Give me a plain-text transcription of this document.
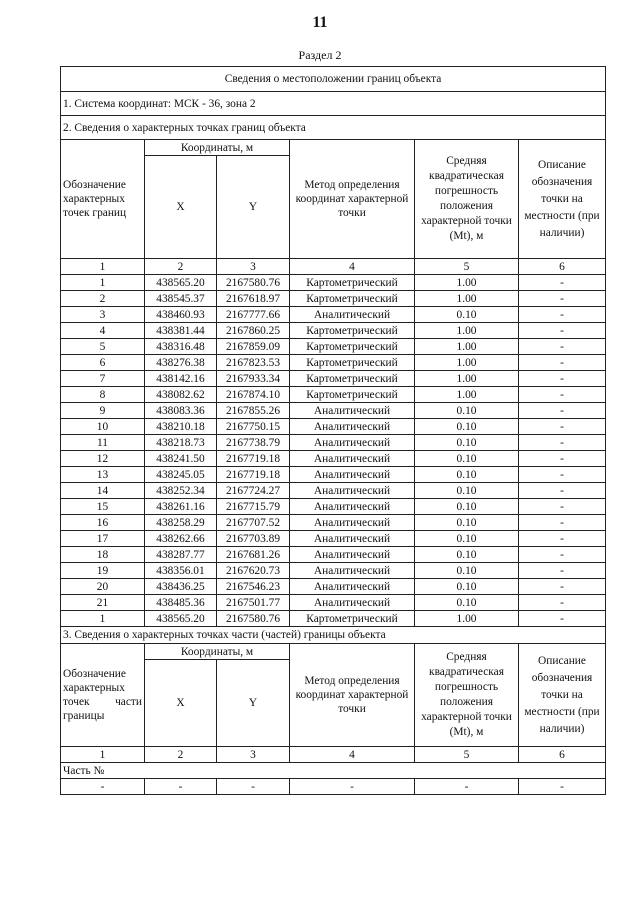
11
Раздел 2
Сведения о местоположении границ объекта					
1. Система координат: МСК - 36, зона 2					
2. Сведения о характерных точках границ объекта					
Обозначение характерных точек границ	Координаты, м		Метод определения координат характерной точки	Средняя квадратическая погрешность положения характерной точки (Mt), м	Описание обозначения точки на местности (при наличии)
	X	Y			
1	2	3	4	5	6
1	438565.20	2167580.76	Картометрический	1.00	-
2	438545.37	2167618.97	Картометрический	1.00	-
3	438460.93	2167777.66	Аналитический	0.10	-
4	438381.44	2167860.25	Картометрический	1.00	-
5	438316.48	2167859.09	Картометрический	1.00	-
6	438276.38	2167823.53	Картометрический	1.00	-
7	438142.16	2167933.34	Картометрический	1.00	-
8	438082.62	2167874.10	Картометрический	1.00	-
9	438083.36	2167855.26	Аналитический	0.10	-
10	438210.18	2167750.15	Аналитический	0.10	-
11	438218.73	2167738.79	Аналитический	0.10	-
12	438241.50	2167719.18	Аналитический	0.10	-
13	438245.05	2167719.18	Аналитический	0.10	-
14	438252.34	2167724.27	Аналитический	0.10	-
15	438261.16	2167715.79	Аналитический	0.10	-
16	438258.29	2167707.52	Аналитический	0.10	-
17	438262.66	2167703.89	Аналитический	0.10	-
18	438287.77	2167681.26	Аналитический	0.10	-
19	438356.01	2167620.73	Аналитический	0.10	-
20	438436.25	2167546.23	Аналитический	0.10	-
21	438485.36	2167501.77	Аналитический	0.10	-
1	438565.20	2167580.76	Картометрический	1.00	-
3. Сведения о характерных точках части (частей) границы объекта					
Обозначение характерных точек части границы	Координаты, м		Метод определения координат характерной точки	Средняя квадратическая погрешность положения характерной точки (Mt), м	Описание обозначения точки на местности (при наличии)
	X	Y			
1	2	3	4	5	6
Часть №					
-	-	-	-	-	-
